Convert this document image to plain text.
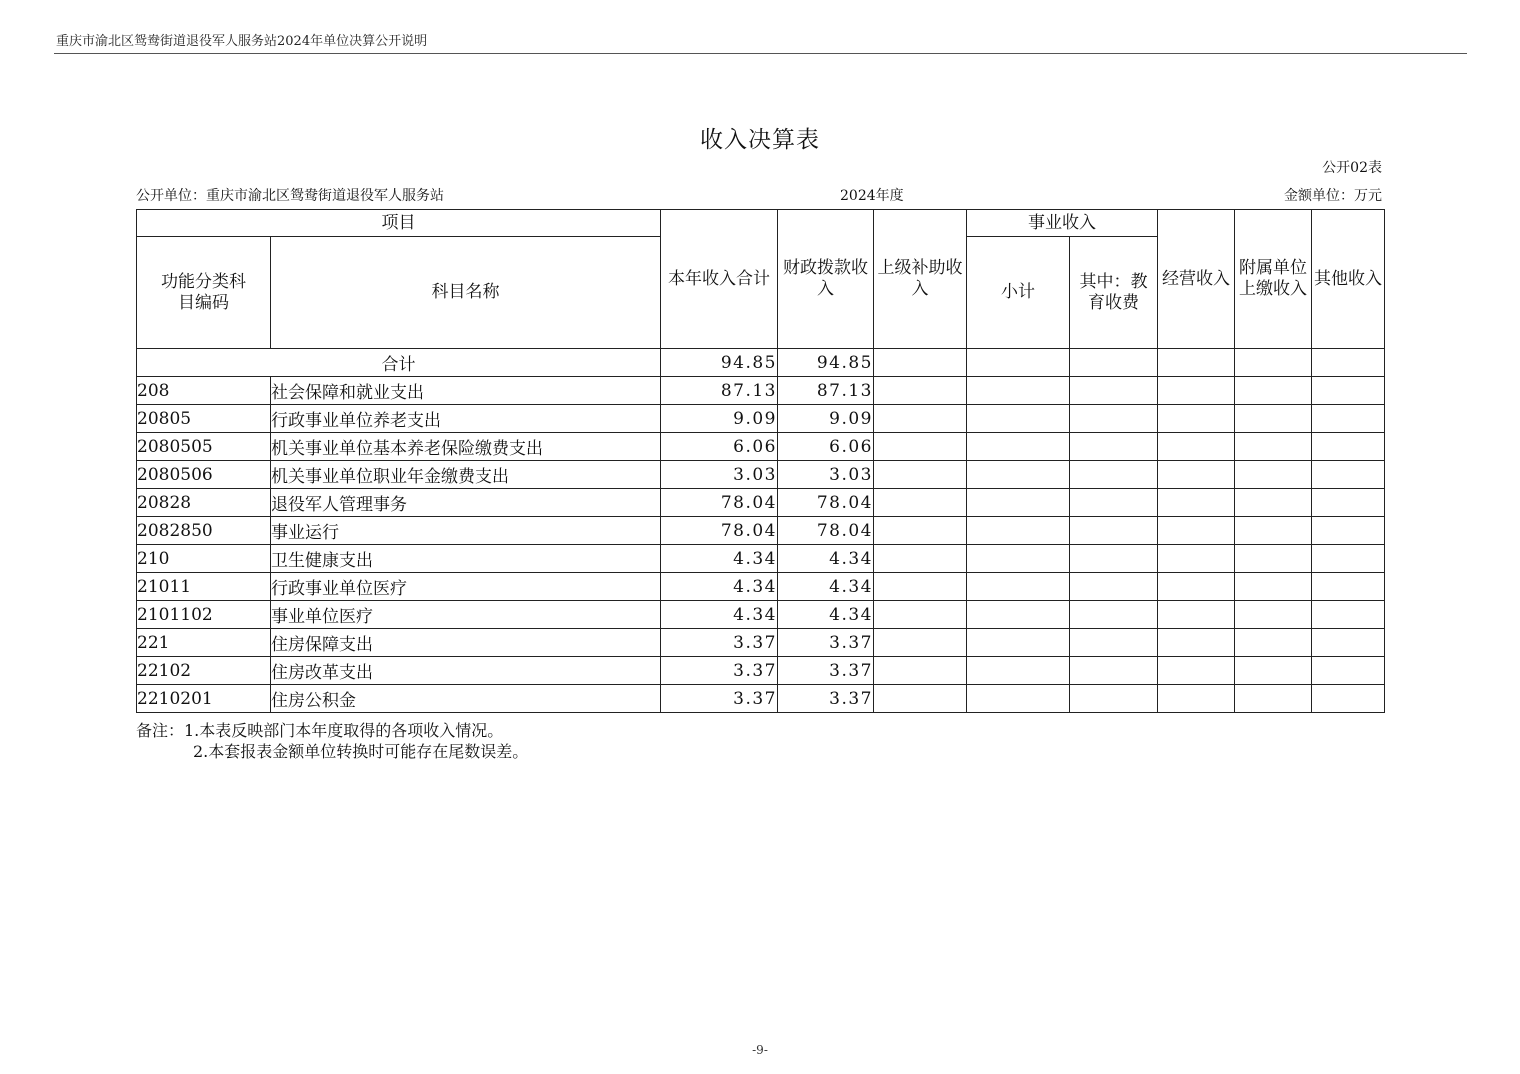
重庆市渝北区鸳鸯街道退役军人服务站2024年单位决算公开说明
收入决算表
公开02表
公开单位：重庆市渝北区鸳鸯街道退役军人服务站	2024年度	金额单位：万元
项目		本年收入合计	财政拨款收入	上级补助收入	事业收入		经营收入	附属单位上缴收入	其他收入
功能分类科目编码	科目名称				小计	其中：教育收费			
合计		94.85	94.85						
208	社会保障和就业支出	87.13	87.13						
20805	行政事业单位养老支出	9.09	9.09						
2080505	机关事业单位基本养老保险缴费支出	6.06	6.06						
2080506	机关事业单位职业年金缴费支出	3.03	3.03						
20828	退役军人管理事务	78.04	78.04						
2082850	事业运行	78.04	78.04						
210	卫生健康支出	4.34	4.34						
21011	行政事业单位医疗	4.34	4.34						
2101102	事业单位医疗	4.34	4.34						
221	住房保障支出	3.37	3.37						
22102	住房改革支出	3.37	3.37						
2210201	住房公积金	3.37	3.37						
备注：1.本表反映部门本年度取得的各项收入情况。
2.本套报表金额单位转换时可能存在尾数误差。
-9-
